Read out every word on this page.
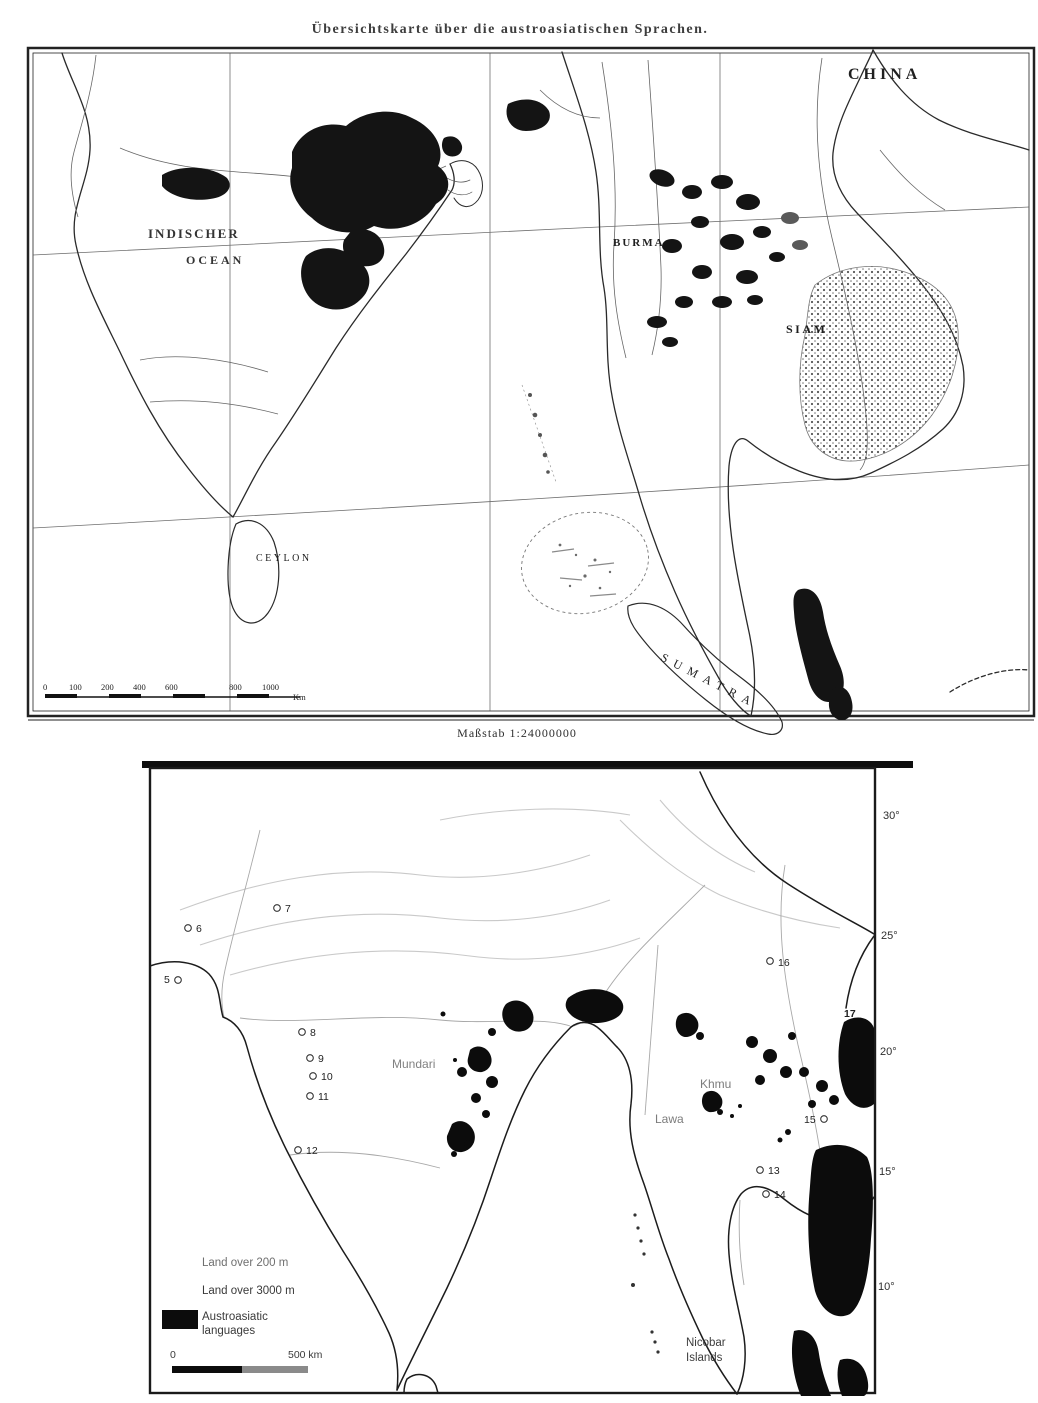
Übersichtskarte über die austroasiatischen Sprachen.
CHINA
BURMA
SIAM
INDISCHER
OCEAN
CEYLON
SUMATRA
0	100 200 400 600	800 1000
Km
Maßstab 1:24000000
5
6
7
8
9
10
11
12
13
14
15
16
17
Mundari
Khmu
Lawa
Nicobar
Islands
30°
25°
20°
15°
10°
Land over 200 m
Land over 3000 m
Austroasiatic
languages
0	500 km
